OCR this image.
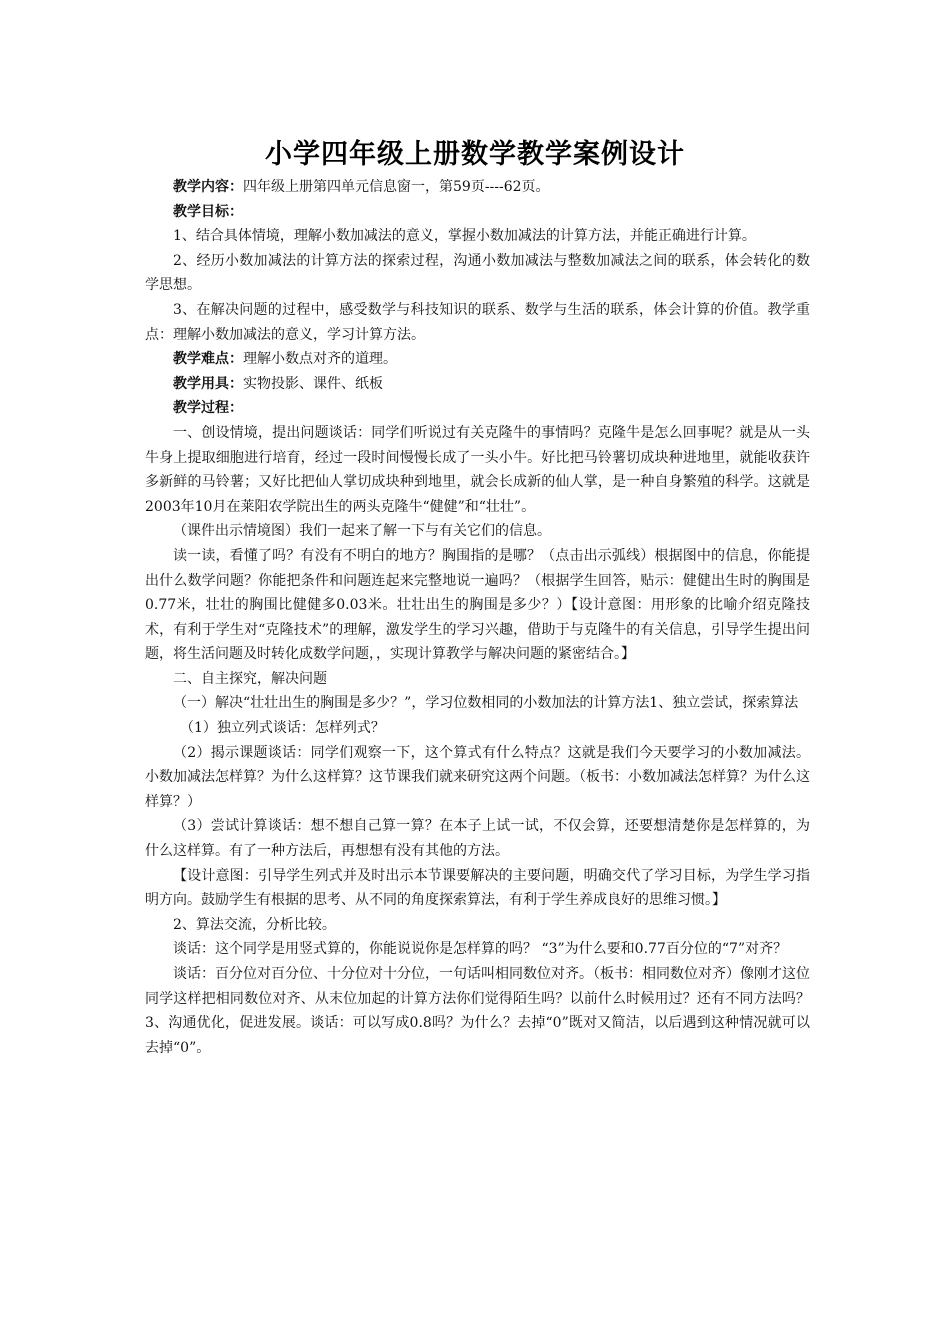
小学四年级上册数学教学案例设计

教学内容：四年级上册第四单元信息窗一，第59页----62页。

教学目标：

1、结合具体情境，理解小数加减法的意义，掌握小数加减法的计算方法，并能正确进行计算。

2、经历小数加减法的计算方法的探索过程，沟通小数加减法与整数加减法之间的联系，体会转化的数学思想。

3、在解决问题的过程中，感受数学与科技知识的联系、数学与生活的联系，体会计算的价值。教学重点：理解小数加减法的意义，学习计算方法。

教学难点：理解小数点对齐的道理。

教学用具：实物投影、课件、纸板

教学过程：

一、创设情境，提出问题谈话：同学们听说过有关克隆牛的事情吗？克隆牛是怎么回事呢？就是从一头牛身上提取细胞进行培育，经过一段时间慢慢长成了一头小牛。好比把马铃薯切成块种进地里，就能收获许多新鲜的马铃薯；又好比把仙人掌切成块种到地里，就会长成新的仙人掌，是一种自身繁殖的科学。这就是2003年10月在莱阳农学院出生的两头克隆牛“健健”和“壮壮”。

（课件出示情境图）我们一起来了解一下与有关它们的信息。

读一读，看懂了吗？有没有不明白的地方？胸围指的是哪？（点击出示弧线）根据图中的信息，你能提出什么数学问题？你能把条件和问题连起来完整地说一遍吗？（根据学生回答，贴示：健健出生时的胸围是0.77米，壮壮的胸围比健健多0.03米。壮壮出生的胸围是多少？）【设计意图：用形象的比喻介绍克隆技术，有利于学生对“克隆技术”的理解，激发学生的学习兴趣，借助于与克隆牛的有关信息，引导学生提出问题，将生活问题及时转化成数学问题，，实现计算教学与解决问题的紧密结合。】

二、自主探究，解决问题

（一）解决“壮壮出生的胸围是多少？”，学习位数相同的小数加法的计算方法1、独立尝试，探索算法

（1）独立列式谈话：怎样列式？

（2）揭示课题谈话：同学们观察一下，这个算式有什么特点？这就是我们今天要学习的小数加减法。小数加减法怎样算？为什么这样算？这节课我们就来研究这两个问题。（板书：小数加减法怎样算？为什么这样算？）

（3）尝试计算谈话：想不想自己算一算？在本子上试一试，不仅会算，还要想清楚你是怎样算的，为什么这样算。有了一种方法后，再想想有没有其他的方法。

【设计意图：引导学生列式并及时出示本节课要解决的主要问题，明确交代了学习目标，为学生学习指明方向。鼓励学生有根据的思考、从不同的角度探索算法，有利于学生养成良好的思维习惯。】

2、算法交流，分析比较。

谈话：这个同学是用竖式算的，你能说说你是怎样算的吗？ “3”为什么要和0.77百分位的“7”对齐？

谈话：百分位对百分位、十分位对十分位，一句话叫相同数位对齐。（板书：相同数位对齐）像刚才这位同学这样把相同数位对齐、从末位加起的计算方法你们觉得陌生吗？以前什么时候用过？还有不同方法吗？3、沟通优化，促进发展。谈话：可以写成0.8吗？为什么？去掉“0”既对又简洁，以后遇到这种情况就可以去掉“0”。
